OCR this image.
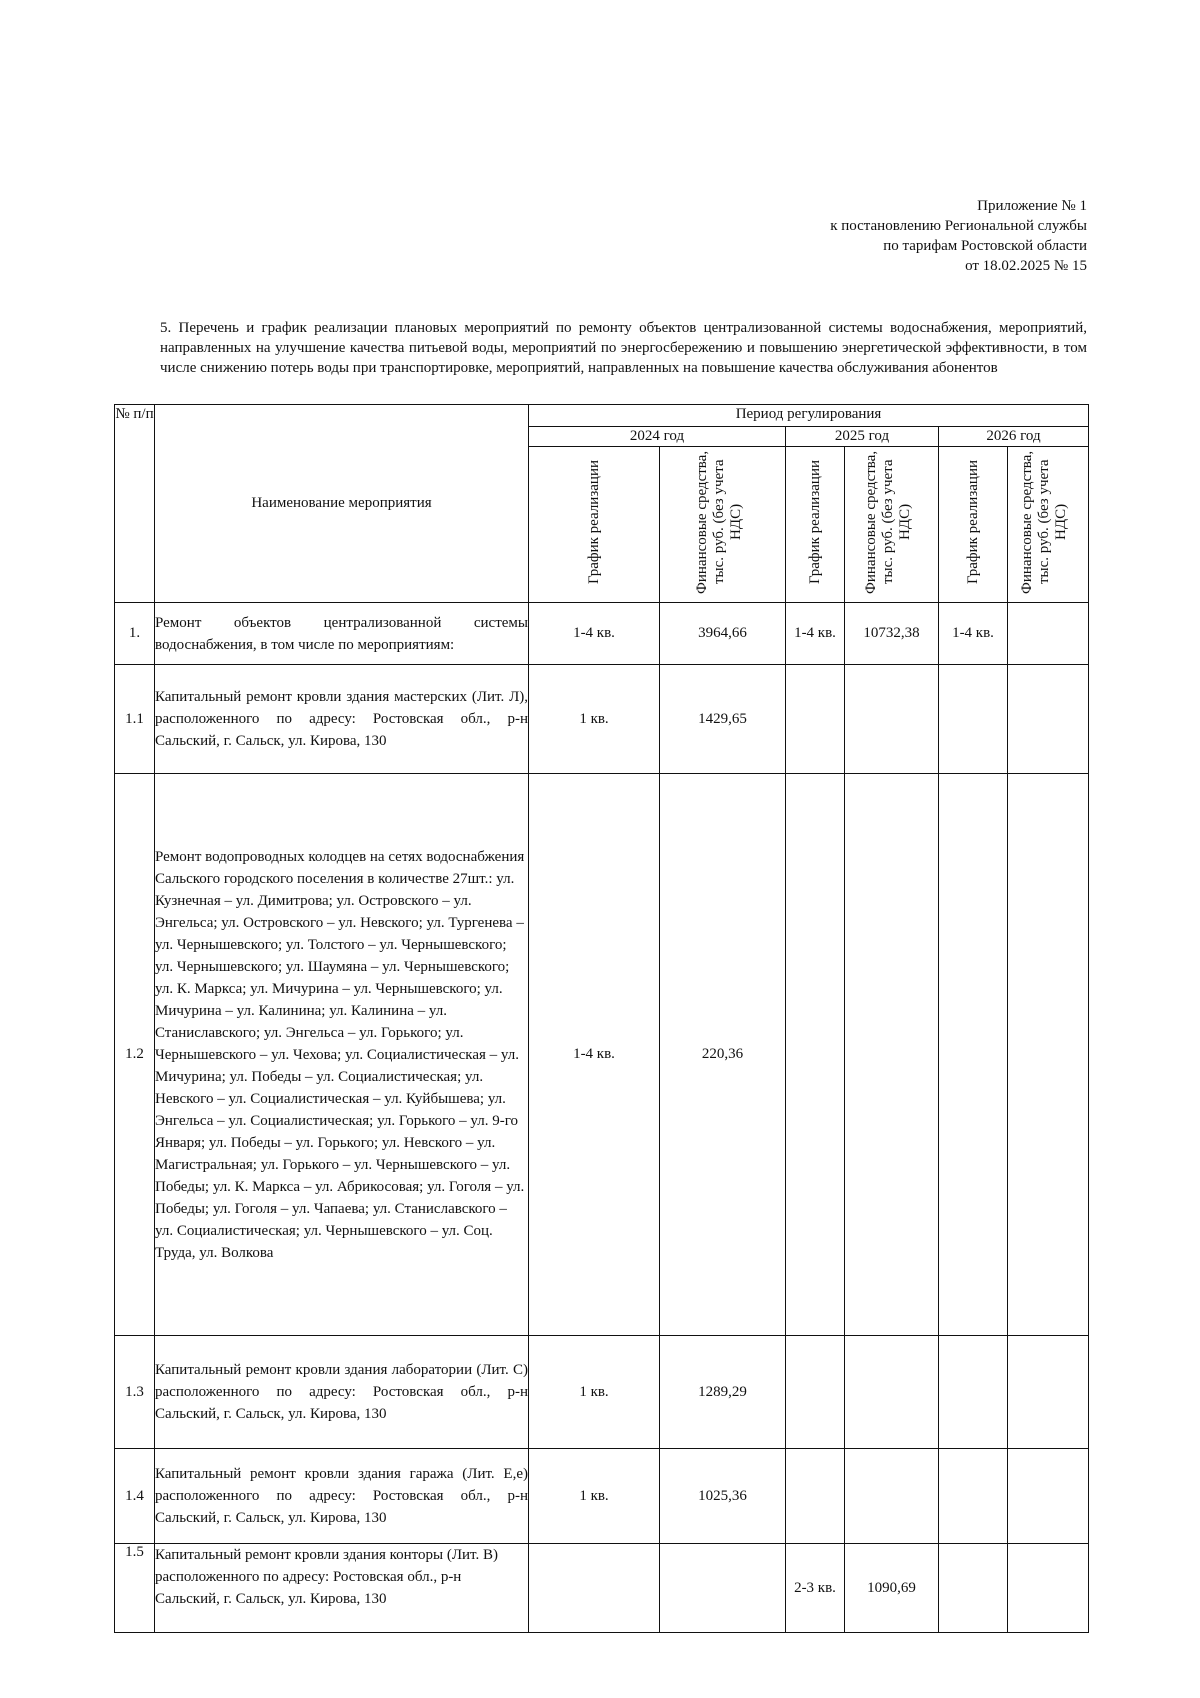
Приложение № 1
к постановлению Региональной службы
по тарифам Ростовской области
от 18.02.2025 № 15
5. Перечень и график реализации плановых мероприятий по ремонту объектов централизованной системы водоснабжения, мероприятий, направленных на улучшение качества питьевой воды, мероприятий по энергосбережению и повышению энергетической эффективности, в том числе снижению потерь воды при транспортировке, мероприятий, направленных на повышение качества обслуживания абонентов
№ п/п	Наименование мероприятия	Период регулирования					
		2024 год		2025 год		2026 год	
		График реализации	Финансовые средства, тыс. руб. (без учета НДС)	График реализации	Финансовые средства, тыс. руб. (без учета НДС)	График реализации	Финансовые средства, тыс. руб. (без учета НДС)
1.	Ремонт объектов централизованной системы водоснабжения, в том числе по мероприятиям:	1-4 кв.	3964,66	1-4 кв.	10732,38	1-4 кв.	
1.1	Капитальный ремонт кровли здания мастерских (Лит. Л), расположенного по адресу: Ростовская обл., р-н Сальский, г. Сальск, ул. Кирова, 130	1 кв.	1429,65				
1.2	Ремонт водопроводных колодцев на сетях водоснабжения Сальского городского поселения в количестве 27шт.: ул. Кузнечная – ул. Димитрова; ул. Островского – ул. Энгельса; ул. Островского – ул. Невского; ул. Тургенева – ул. Чернышевского; ул. Толстого – ул. Чернышевского; ул. Чернышевского; ул. Шаумяна – ул. Чернышевского; ул. К. Маркса; ул. Мичурина – ул. Чернышевского; ул. Мичурина – ул. Калинина; ул. Калинина – ул. Станиславского; ул. Энгельса – ул. Горького; ул. Чернышевского – ул. Чехова; ул. Социалистическая – ул. Мичурина; ул. Победы – ул. Социалистическая; ул. Невского – ул. Социалистическая – ул. Куйбышева; ул. Энгельса – ул. Социалистическая; ул. Горького – ул. 9-го Января; ул. Победы – ул. Горького; ул. Невского – ул. Магистральная; ул. Горького – ул. Чернышевского – ул. Победы; ул. К. Маркса – ул. Абрикосовая; ул. Гоголя – ул. Победы; ул. Гоголя – ул. Чапаева; ул. Станиславского – ул. Социалистическая; ул. Чернышевского – ул. Соц. Труда, ул. Волкова	1-4 кв.	220,36				
1.3	Капитальный ремонт кровли здания лаборатории (Лит. С) расположенного по адресу: Ростовская обл., р-н Сальский, г. Сальск, ул. Кирова, 130	1 кв.	1289,29				
1.4	Капитальный ремонт кровли здания гаража (Лит. Е,е) расположенного по адресу: Ростовская обл., р-н Сальский, г. Сальск, ул. Кирова, 130	1 кв.	1025,36				
1.5	Капитальный ремонт кровли здания конторы (Лит. В) расположенного по адресу: Ростовская обл., р-н Сальский, г. Сальск, ул. Кирова, 130			2-3 кв.	1090,69		
